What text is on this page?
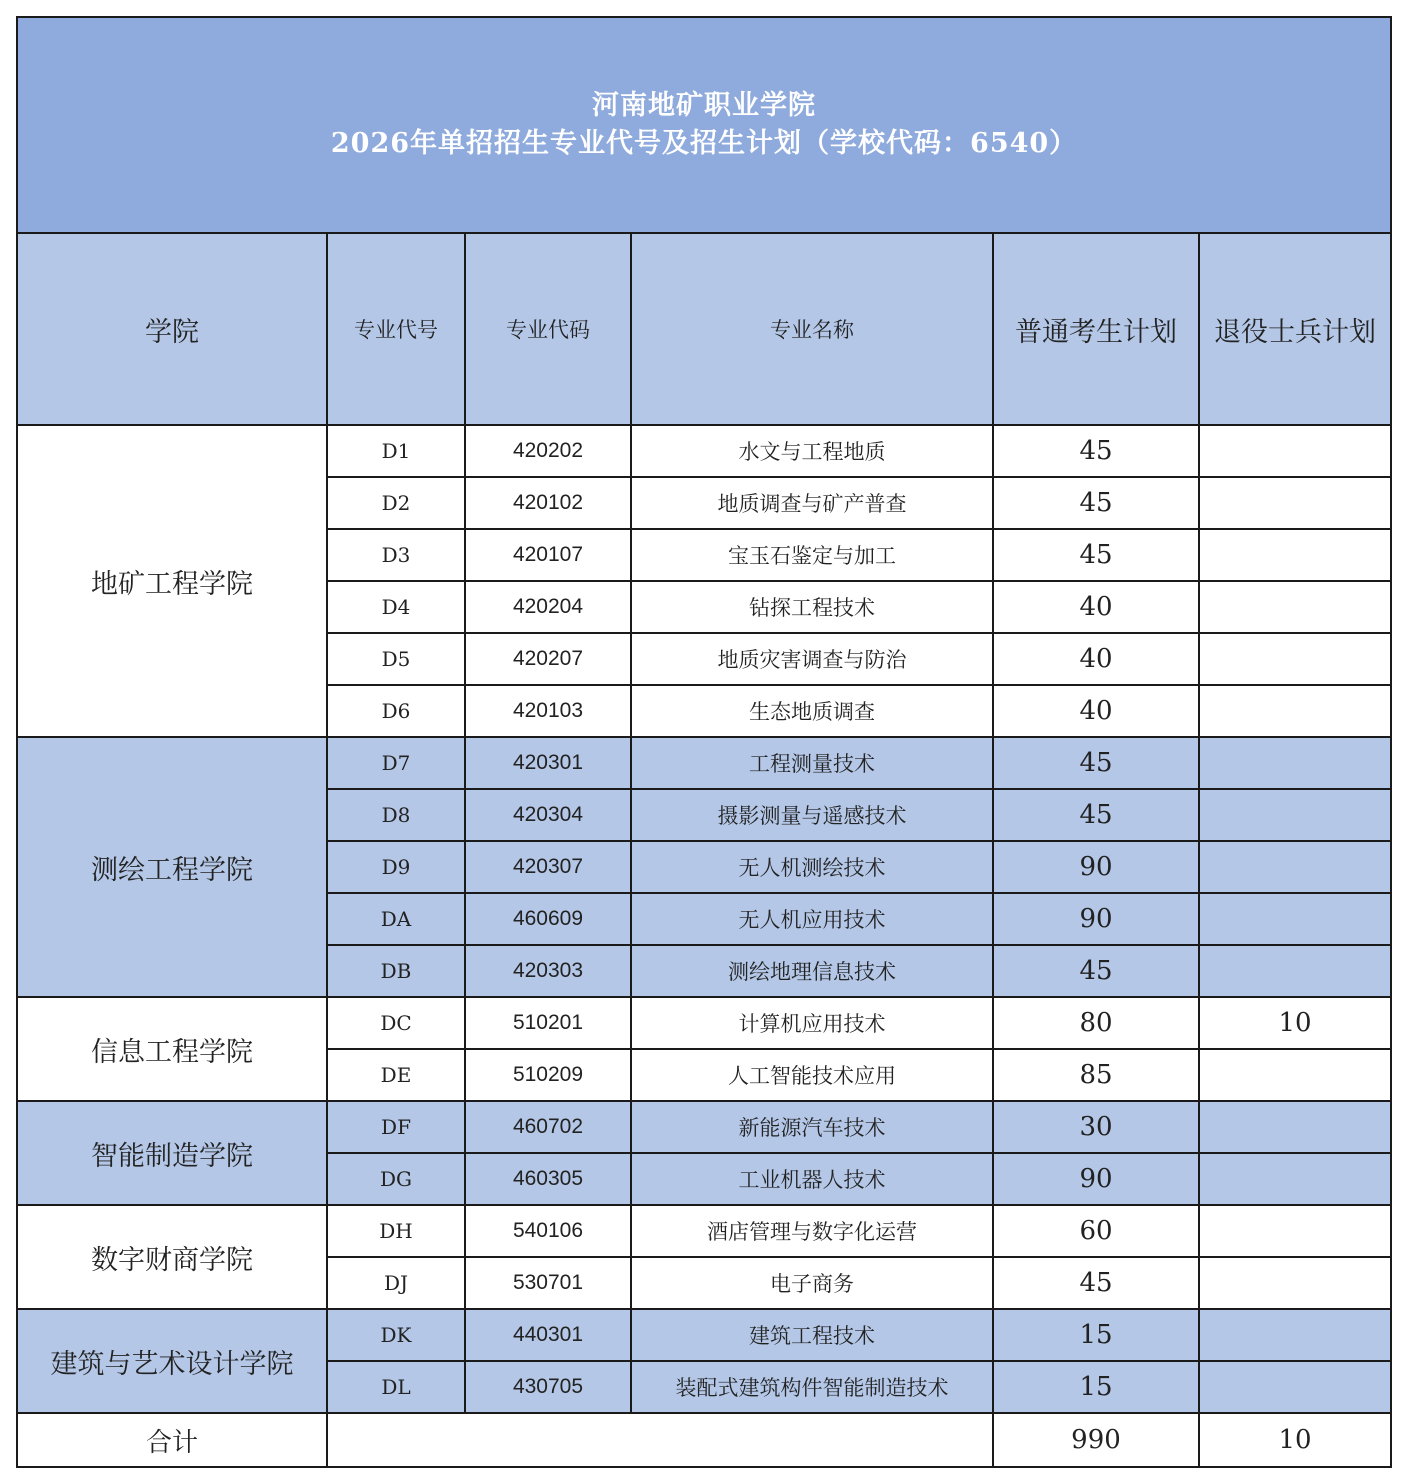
河南地矿职业学院
2026年单招招生专业代号及招生计划（学校代码：6540）					

学院	专业代号	专业代码	专业名称	普通考生计划	退役士兵计划
地矿工程学院	D1	420202	水文与工程地质	45	
	D2	420102	地质调查与矿产普查	45	
	D3	420107	宝玉石鉴定与加工	45	
	D4	420204	钻探工程技术	40	
	D5	420207	地质灾害调查与防治	40	
	D6	420103	生态地质调查	40	
测绘工程学院	D7	420301	工程测量技术	45	
	D8	420304	摄影测量与遥感技术	45	
	D9	420307	无人机测绘技术	90	
	DA	460609	无人机应用技术	90	
	DB	420303	测绘地理信息技术	45	
信息工程学院	DC	510201	计算机应用技术	80	10
	DE	510209	人工智能技术应用	85	
智能制造学院	DF	460702	新能源汽车技术	30	
	DG	460305	工业机器人技术	90	
数字财商学院	DH	540106	酒店管理与数字化运营	60	
	DJ	530701	电子商务	45	
建筑与艺术设计学院	DK	440301	建筑工程技术	15	
	DL	430705	装配式建筑构件智能制造技术	15	
合计				990	10
